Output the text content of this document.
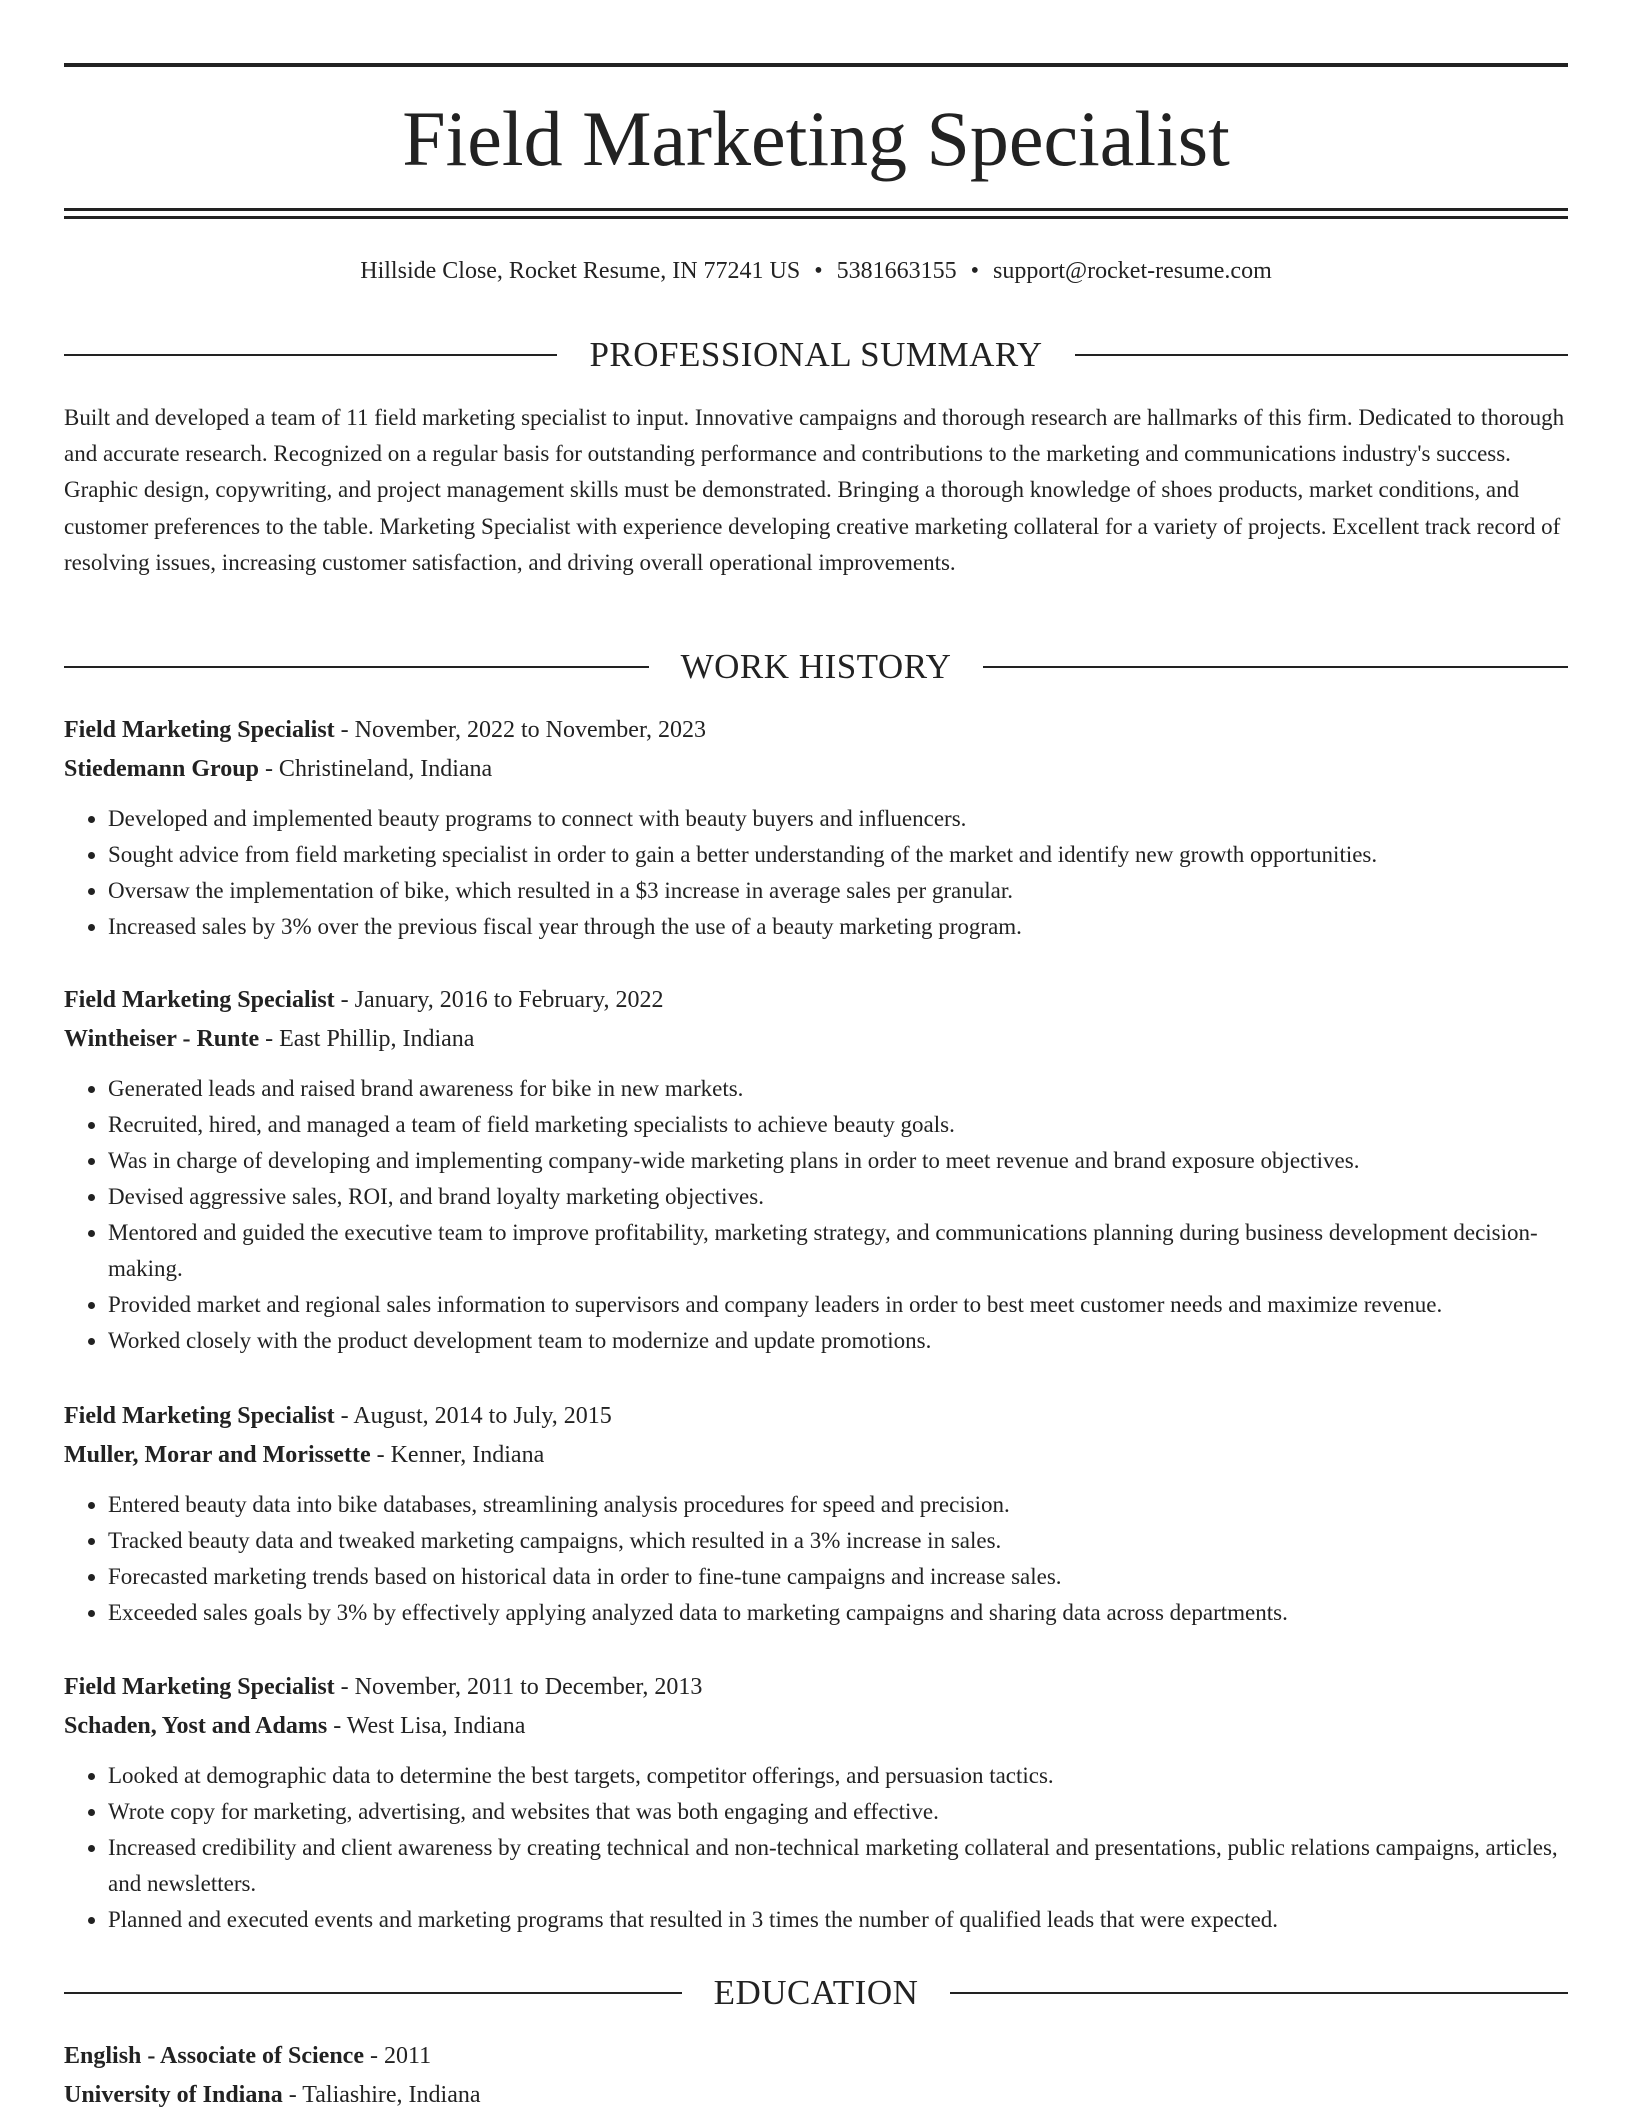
Field Marketing Specialist
Hillside Close, Rocket Resume, IN 77241 US • 5381663155 • support@rocket-resume.com
PROFESSIONAL SUMMARY

Built and developed a team of 11 field marketing specialist to input. Innovative campaigns and thorough research are hallmarks of this firm. Dedicated to thorough and accurate research. Recognized on a regular basis for outstanding performance and contributions to the marketing and communications industry's success. Graphic design, copywriting, and project management skills must be demonstrated. Bringing a thorough knowledge of shoes products, market conditions, and customer preferences to the table. Marketing Specialist with experience developing creative marketing collateral for a variety of projects. Excellent track record of resolving issues, increasing customer satisfaction, and driving overall operational improvements.

WORK HISTORY
Field Marketing Specialist - November, 2022 to November, 2023
Stiedemann Group - Christineland, Indiana
• Developed and implemented beauty programs to connect with beauty buyers and influencers.
• Sought advice from field marketing specialist in order to gain a better understanding of the market and identify new growth opportunities.
• Oversaw the implementation of bike, which resulted in a $3 increase in average sales per granular.
• Increased sales by 3% over the previous fiscal year through the use of a beauty marketing program.
Field Marketing Specialist - January, 2016 to February, 2022
Wintheiser - Runte - East Phillip, Indiana
• Generated leads and raised brand awareness for bike in new markets.
• Recruited, hired, and managed a team of field marketing specialists to achieve beauty goals.
• Was in charge of developing and implementing company-wide marketing plans in order to meet revenue and brand exposure objectives.
• Devised aggressive sales, ROI, and brand loyalty marketing objectives.
• Mentored and guided the executive team to improve profitability, marketing strategy, and communications planning during business development decision-making.
• Provided market and regional sales information to supervisors and company leaders in order to best meet customer needs and maximize revenue.
• Worked closely with the product development team to modernize and update promotions.
Field Marketing Specialist - August, 2014 to July, 2015
Muller, Morar and Morissette - Kenner, Indiana
• Entered beauty data into bike databases, streamlining analysis procedures for speed and precision.
• Tracked beauty data and tweaked marketing campaigns, which resulted in a 3% increase in sales.
• Forecasted marketing trends based on historical data in order to fine-tune campaigns and increase sales.
• Exceeded sales goals by 3% by effectively applying analyzed data to marketing campaigns and sharing data across departments.
Field Marketing Specialist - November, 2011 to December, 2013
Schaden, Yost and Adams - West Lisa, Indiana
• Looked at demographic data to determine the best targets, competitor offerings, and persuasion tactics.
• Wrote copy for marketing, advertising, and websites that was both engaging and effective.
• Increased credibility and client awareness by creating technical and non-technical marketing collateral and presentations, public relations campaigns, articles, and newsletters.
• Planned and executed events and marketing programs that resulted in 3 times the number of qualified leads that were expected.
EDUCATION
English - Associate of Science - 2011
University of Indiana - Taliashire, Indiana
